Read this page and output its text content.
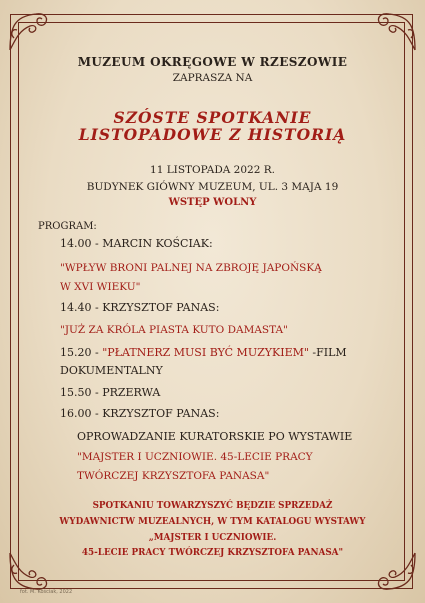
MUZEUM OKRĘGOWE W RZESZOWIE
ZAPRASZA NA
SZÓSTE SPOTKANIE
LISTOPADOWE Z HISTORIĄ
11 LISTOPADA 2022 R.
BUDYNEK GIÓWNY MUZEUM, UL. 3 MAJA 19
WSTĘP WOLNY
PROGRAM:
14.00 - MARCIN KOŚCIAK:
"WPŁYW BRONI PALNEJ NA ZBROJĘ JAPOŃSKĄ
W XVI WIEKU"
14.40 - KRZYSZTOF PANAS:
"JUŻ ZA KRÓLA PIASTA KUTO DAMASTA"
15.20 - "PŁATNERZ MUSI BYĆ MUZYKIEM" -FILM
DOKUMENTALNY
15.50 - PRZERWA
16.00 - KRZYSZTOF PANAS:
OPROWADZANIE KURATORSKIE PO WYSTAWIE
"MAJSTER I UCZNIOWIE. 45-LECIE PRACY
TWÓRCZEJ KRZYSZTOFA PANASA"
SPOTKANIU TOWARZYSZYĆ BĘDZIE SPRZEDAŻ
WYDAWNICTW MUZEALNYCH, W TYM KATALOGU WYSTAWY
„MAJSTER I UCZNIOWIE.
45-LECIE PRACY TWÓRCZEJ KRZYSZTOFA PANASA"
fot. M. Kościak, 2022
